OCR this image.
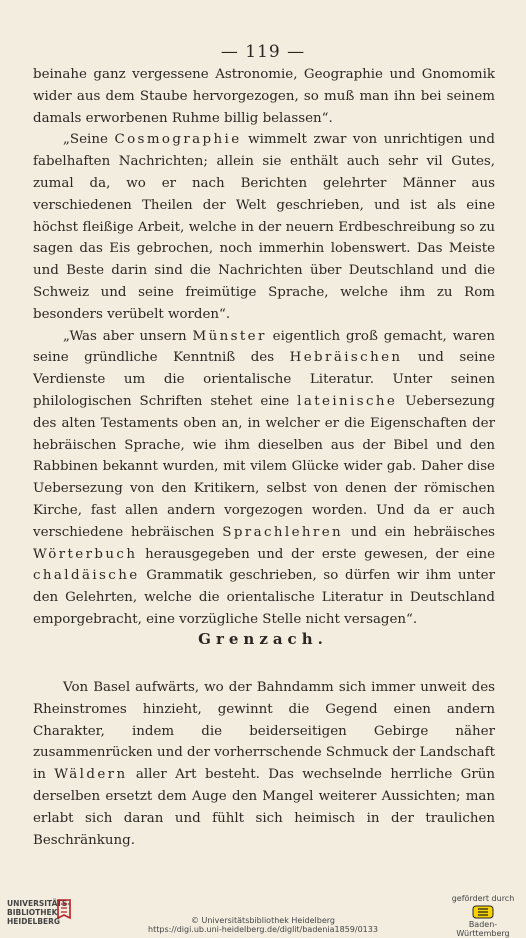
— 119 —

beinahe ganz vergessene Astronomie, Geographie und Gnomomik wider aus dem Staube hervorgezogen, so muß man ihn bei seinem damals erworbenen Ruhme billig belassen“.

„Seine Cosmographie wimmelt zwar von unrichtigen und fabelhaften Nachrichten; allein sie enthält auch sehr vil Gutes, zumal da, wo er nach Berichten gelehrter Männer aus verschiedenen Theilen der Welt geschrieben, und ist als eine höchst fleißige Arbeit, welche in der neuern Erdbeschreibung so zu sagen das Eis gebrochen, noch immerhin lobenswert. Das Meiste und Beste darin sind die Nachrichten über Deutschland und die Schweiz und seine freimütige Sprache, welche ihm zu Rom besonders verübelt worden“.

„Was aber unsern Münster eigentlich groß gemacht, waren seine gründliche Kenntniß des Hebräischen und seine Verdienste um die orientalische Literatur. Unter seinen philologischen Schriften stehet eine lateinische Uebersezung des alten Testaments oben an, in welcher er die Eigenschaften der hebräischen Sprache, wie ihm dieselben aus der Bibel und den Rabbinen bekannt wurden, mit vilem Glücke wider gab. Daher dise Uebersezung von den Kritikern, selbst von denen der römischen Kirche, fast allen andern vorgezogen worden. Und da er auch verschiedene hebräischen Sprachlehren und ein hebräisches Wörterbuch herausgegeben und der erste gewesen, der eine chaldäische Grammatik geschrieben, so dürfen wir ihm unter den Gelehrten, welche die orientalische Literatur in Deutschland emporgebracht, eine vorzügliche Stelle nicht versagen“.

Grenzach.

Von Basel aufwärts, wo der Bahndamm sich immer unweit des Rheinstromes hinzieht, gewinnt die Gegend einen andern Charakter, indem die beiderseitigen Gebirge näher zusammenrücken und der vorherrschende Schmuck der Landschaft in Wäldern aller Art besteht. Das wechselnde herrliche Grün derselben ersetzt dem Auge den Mangel weiterer Aussichten; man erlabt sich daran und fühlt sich heimisch in der traulichen Beschränkung.

UNIVERSITÄTS-
BIBLIOTHEK
HEIDELBERG	© Universitätsbibliothek Heidelberg
https://digi.ub.uni-heidelberg.de/diglit/badenia1859/0133
gefördert durch
Baden-Württemberg
